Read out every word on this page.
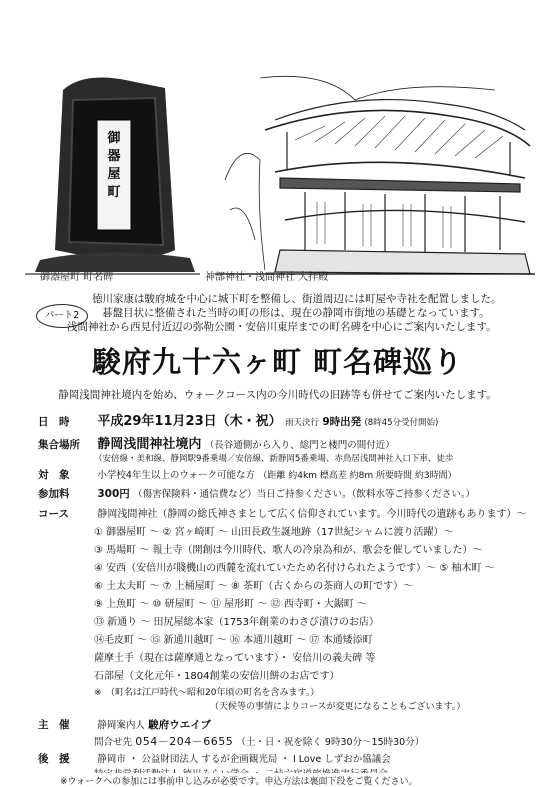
御
器
屋
町
御器屋町 町名碑	神部神社・浅間神社 大拝殿
パート2
徳川家康は駿府城を中心に城下町を整備し、街道周辺には町屋や寺社を配置しました。
碁盤目状に整備された当時の町の形は、現在の静岡市街地の基礎となっています。
浅間神社から西見付近辺の弥勒公園・安倍川東岸までの町名碑を中心にご案内いたします。
駿府九十六ヶ町 町名碑巡り
静岡浅間神社境内を始め、ウォークコース内の今川時代の旧跡等も併せてご案内いたします。
日　時 平成29年11月23日（木・祝） 雨天決行 9時出発 (8時45分受付開始)
集合場所 静岡浅間神社境内 （長谷通側から入り、総門と楼門の間付近）
（安倍線・美和線、静岡駅9番乗場／安倍線、新静岡5番乗場、赤鳥居浅間神社入口下車、徒歩
対　象	小学校4年生以上のウォーク可能な方 （距離 約4km 標高差 約8m 所要時間 約3時間）
参加料	300円 （傷害保険料・通信費など）当日ご持参ください。（飲料水等ご持参ください。）
コース	静岡浅間神社（静岡の総氏神さまとして広く信仰されています。今川時代の遺跡もあります）～
① 御器屋町 ～ ② 宮ヶ崎町 ～ 山田長政生誕地跡（17世紀シャムに渡り活躍）～
③ 馬場町 ～ 報土寺（開創は今川時代、歌人の冷泉為和が、歌会を催していました）～
④ 安西（安倍川が賤機山の西麓を流れていたため名付けられたようです）～ ⑤ 柚木町 ～
⑥ 土太夫町 ～ ⑦ 上桶屋町 ～ ⑧ 茶町（古くからの茶商人の町です）～
⑨ 上魚町 ～ ⑩ 研屋町 ～ ⑪ 屋形町 ～ ⑫ 西寺町・大鋸町 ～
⑬ 新通り ～ 田尻屋総本家（1753年創業のわさび漬けのお店）
⑭毛皮町 ～ ⑮ 新通川越町 ～ ⑯ 本通川越町 ～ ⑰ 本通矮添町
薩摩土手（現在は薩摩通となっています）・ 安倍川の義夫碑 等
石部屋（文化元年・1804創業の安倍川餅のお店です）
※　（町名は江戸時代～昭和20年頃の町名を含みます。）
（天候等の事情によりコースが変更になることもございます。）
主　催	静岡案内人 駿府ウエイブ
問合せ先 054－204－6655 （土・日・祝を除く 9時30分～15時30分）
後　援	静岡市 ・ 公益財団法人 するが企画観光局 ・ I Love しずおか協議会
※ウォークへの参加には事前申し込みが必要です。申込方法は裏面下段をご覧ください。
